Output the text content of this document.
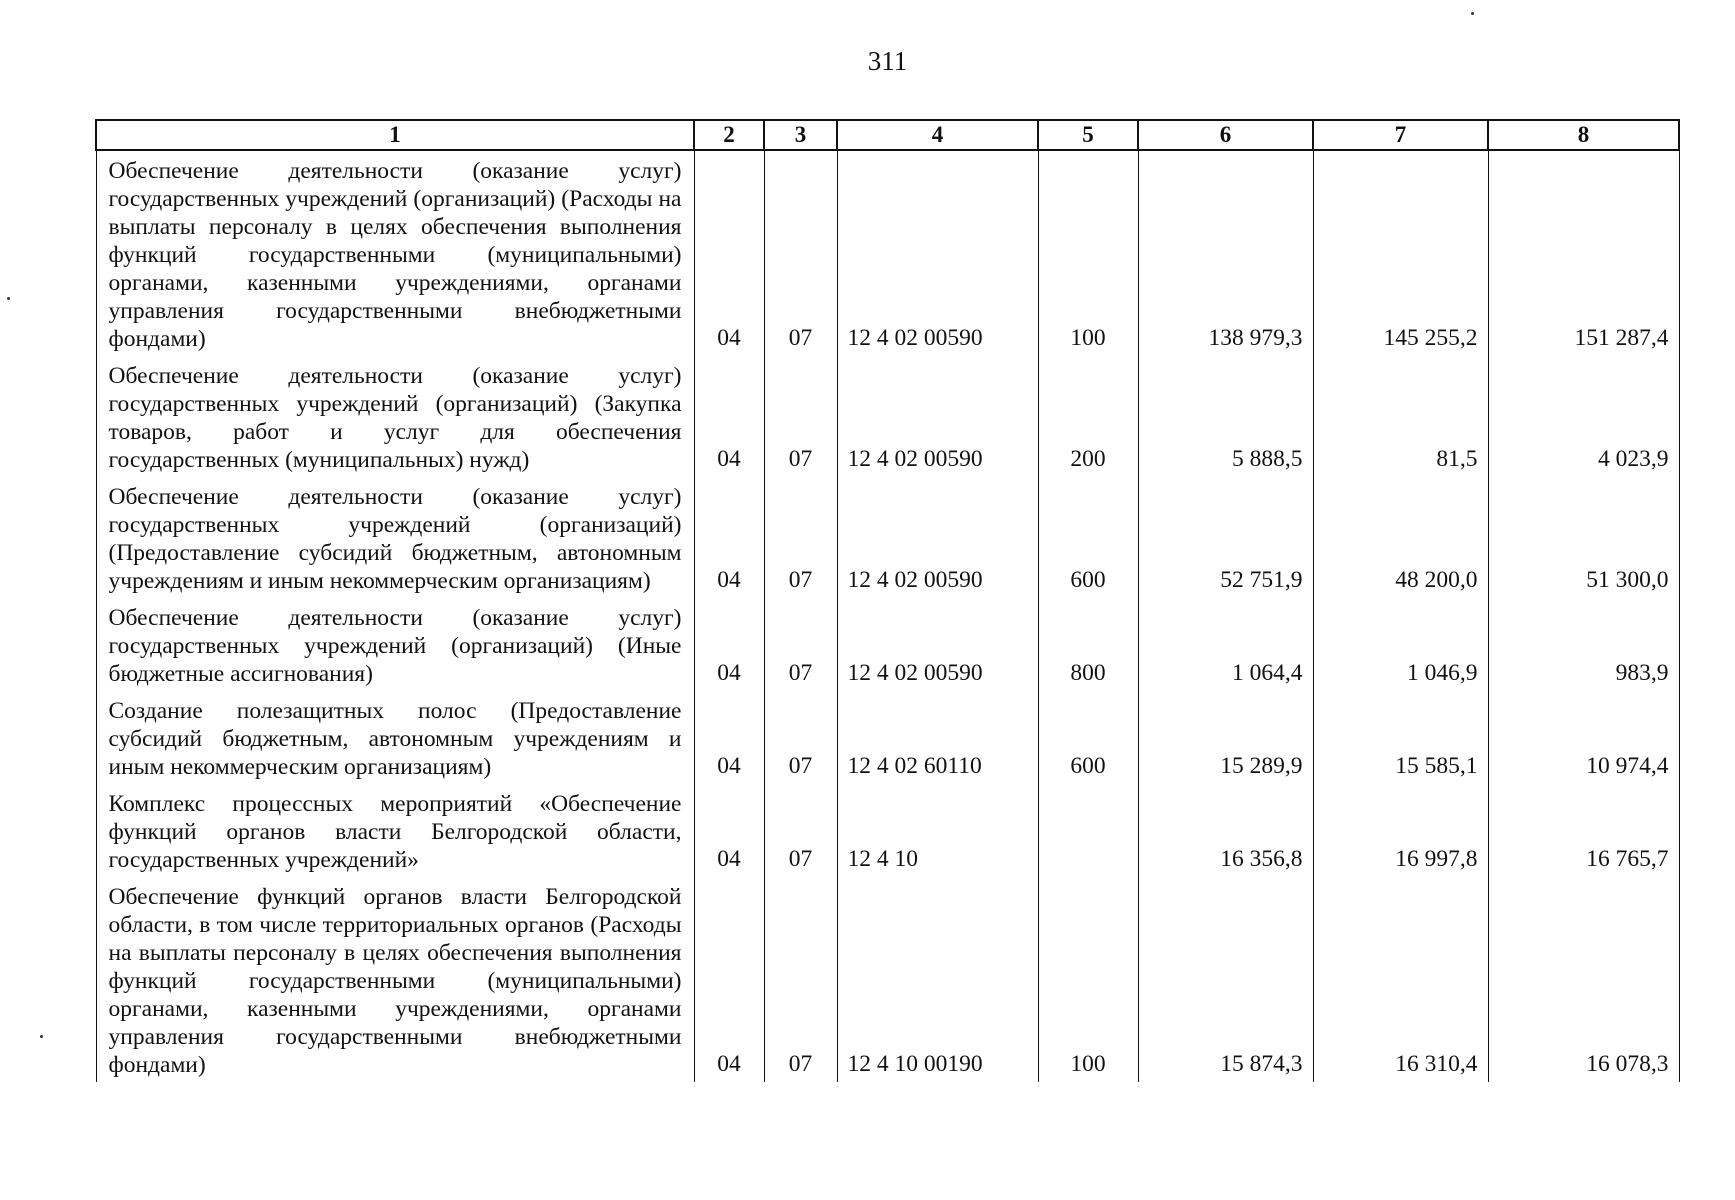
311
1	2	3	4	5	6	7	8
Обеспечение деятельности (оказание услуг) государственных учреждений (организаций) (Расходы на выплаты персоналу в целях обеспечения выполнения функций государственными (муниципальными) органами, казенными учреждениями, органами управления государственными внебюджетными фондами)	04	07	12 4 02 00590	100	138 979,3	145 255,2	151 287,4
Обеспечение деятельности (оказание услуг) государственных учреждений (организаций) (Закупка товаров, работ и услуг для обеспечения государственных (муниципальных) нужд)	04	07	12 4 02 00590	200	5 888,5	81,5	4 023,9
Обеспечение деятельности (оказание услуг) государственных учреждений (организаций) (Предоставление субсидий бюджетным, автономным учреждениям и иным некоммерческим организациям)	04	07	12 4 02 00590	600	52 751,9	48 200,0	51 300,0
Обеспечение деятельности (оказание услуг) государственных учреждений (организаций) (Иные бюджетные ассигнования)	04	07	12 4 02 00590	800	1 064,4	1 046,9	983,9
Создание полезащитных полос (Предоставление субсидий бюджетным, автономным учреждениям и иным некоммерческим организациям)	04	07	12 4 02 60110	600	15 289,9	15 585,1	10 974,4
Комплекс процессных мероприятий «Обеспечение функций органов власти Белгородской области, государственных учреждений»	04	07	12 4 10		16 356,8	16 997,8	16 765,7
Обеспечение функций органов власти Белгородской области, в том числе территориальных органов (Расходы на выплаты персоналу в целях обеспечения выполнения функций государственными (муниципальными) органами, казенными учреждениями, органами управления государственными внебюджетными фондами)	04	07	12 4 10 00190	100	15 874,3	16 310,4	16 078,3
